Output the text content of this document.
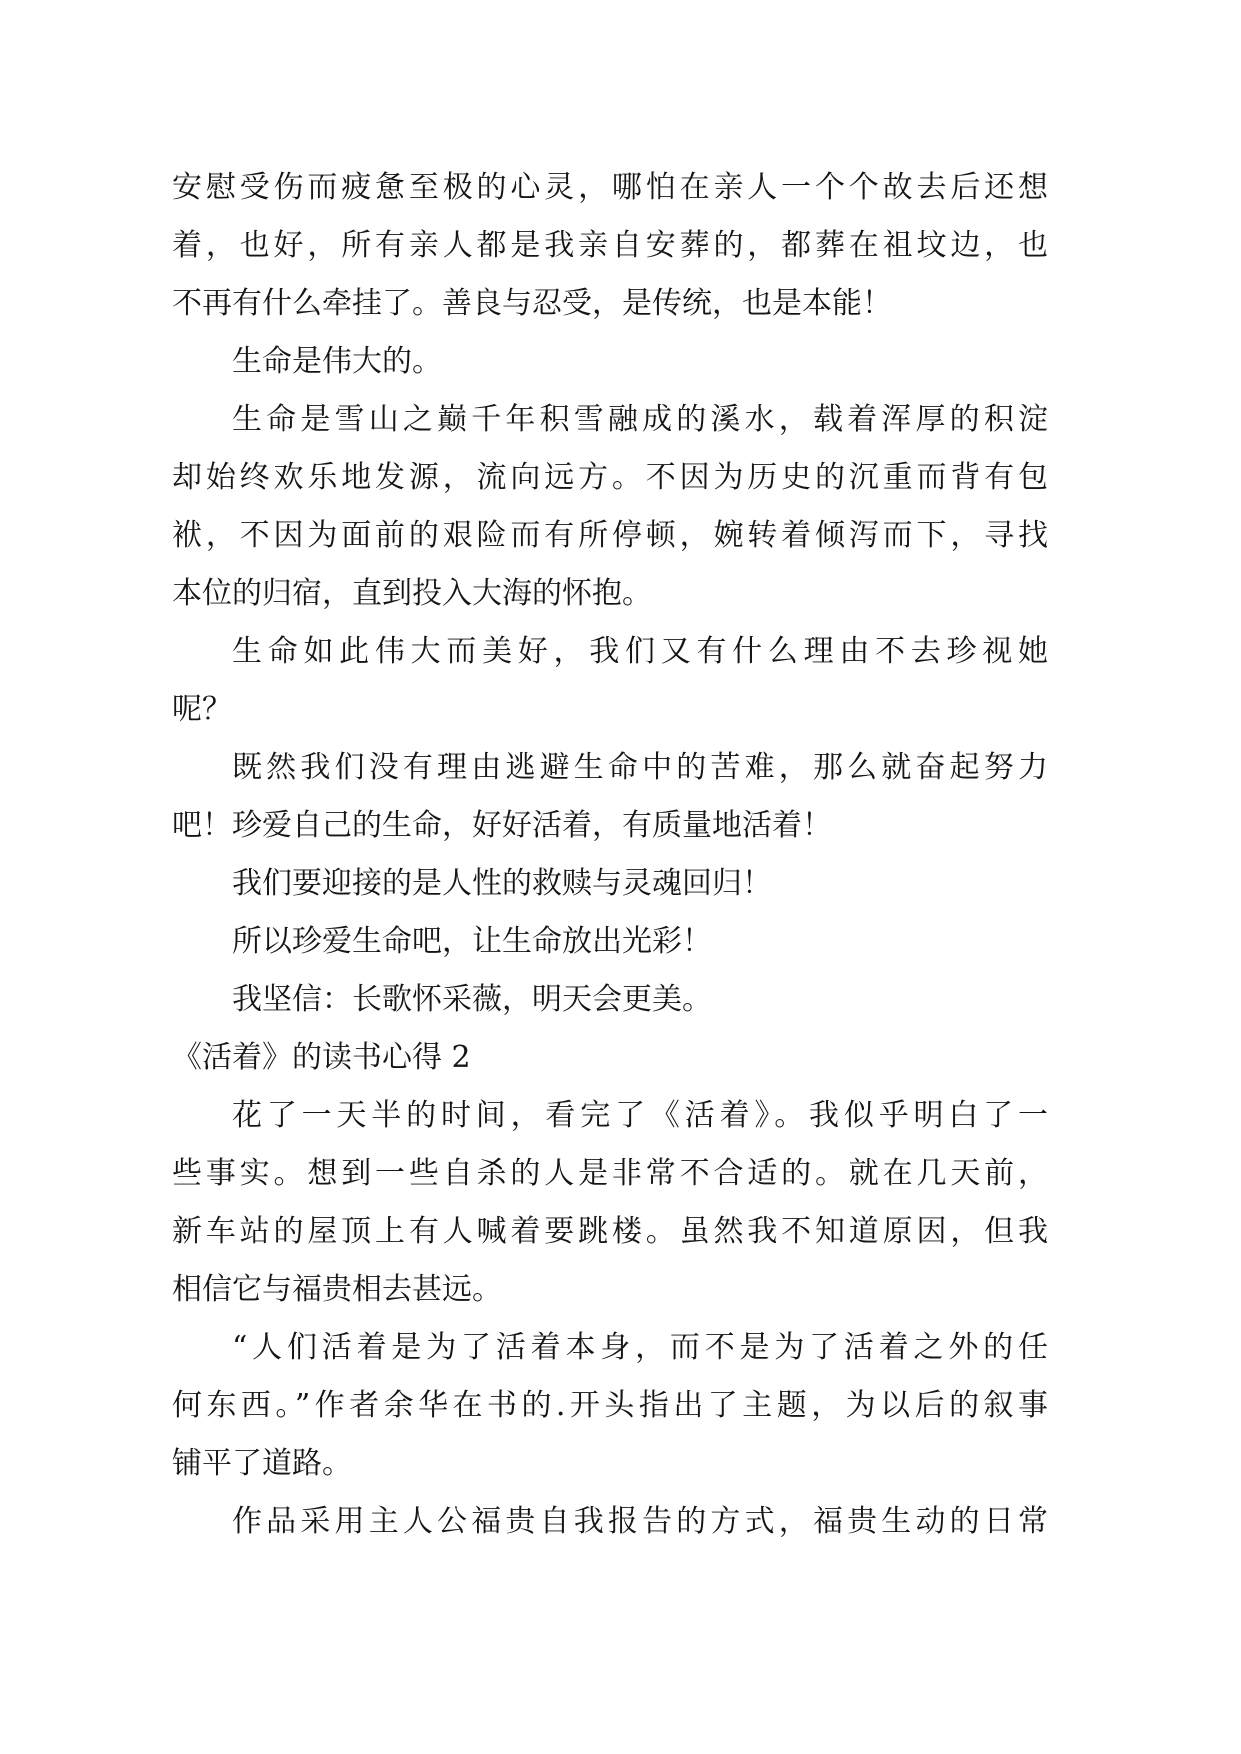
安慰受伤而疲惫至极的心灵，哪怕在亲人一个个故去后还想
着，也好，所有亲人都是我亲自安葬的，都葬在祖坟边，也
不再有什么牵挂了。善良与忍受，是传统，也是本能！
生命是伟大的。
生命是雪山之巅千年积雪融成的溪水，载着浑厚的积淀
却始终欢乐地发源，流向远方。不因为历史的沉重而背有包
袱，不因为面前的艰险而有所停顿，婉转着倾泻而下，寻找
本位的归宿，直到投入大海的怀抱。
生命如此伟大而美好，我们又有什么理由不去珍视她
呢？
既然我们没有理由逃避生命中的苦难，那么就奋起努力
吧！珍爱自己的生命，好好活着，有质量地活着！
我们要迎接的是人性的救赎与灵魂回归！
所以珍爱生命吧，让生命放出光彩！
我坚信：长歌怀采薇，明天会更美。
《活着》的读书心得 2
花了一天半的时间，看完了《活着》。我似乎明白了一
些事实。想到一些自杀的人是非常不合适的。就在几天前，
新车站的屋顶上有人喊着要跳楼。虽然我不知道原因，但我
相信它与福贵相去甚远。
“人们活着是为了活着本身，而不是为了活着之外的任
何东西。”作者余华在书的.开头指出了主题，为以后的叙事
铺平了道路。
作品采用主人公福贵自我报告的方式，福贵生动的日常
